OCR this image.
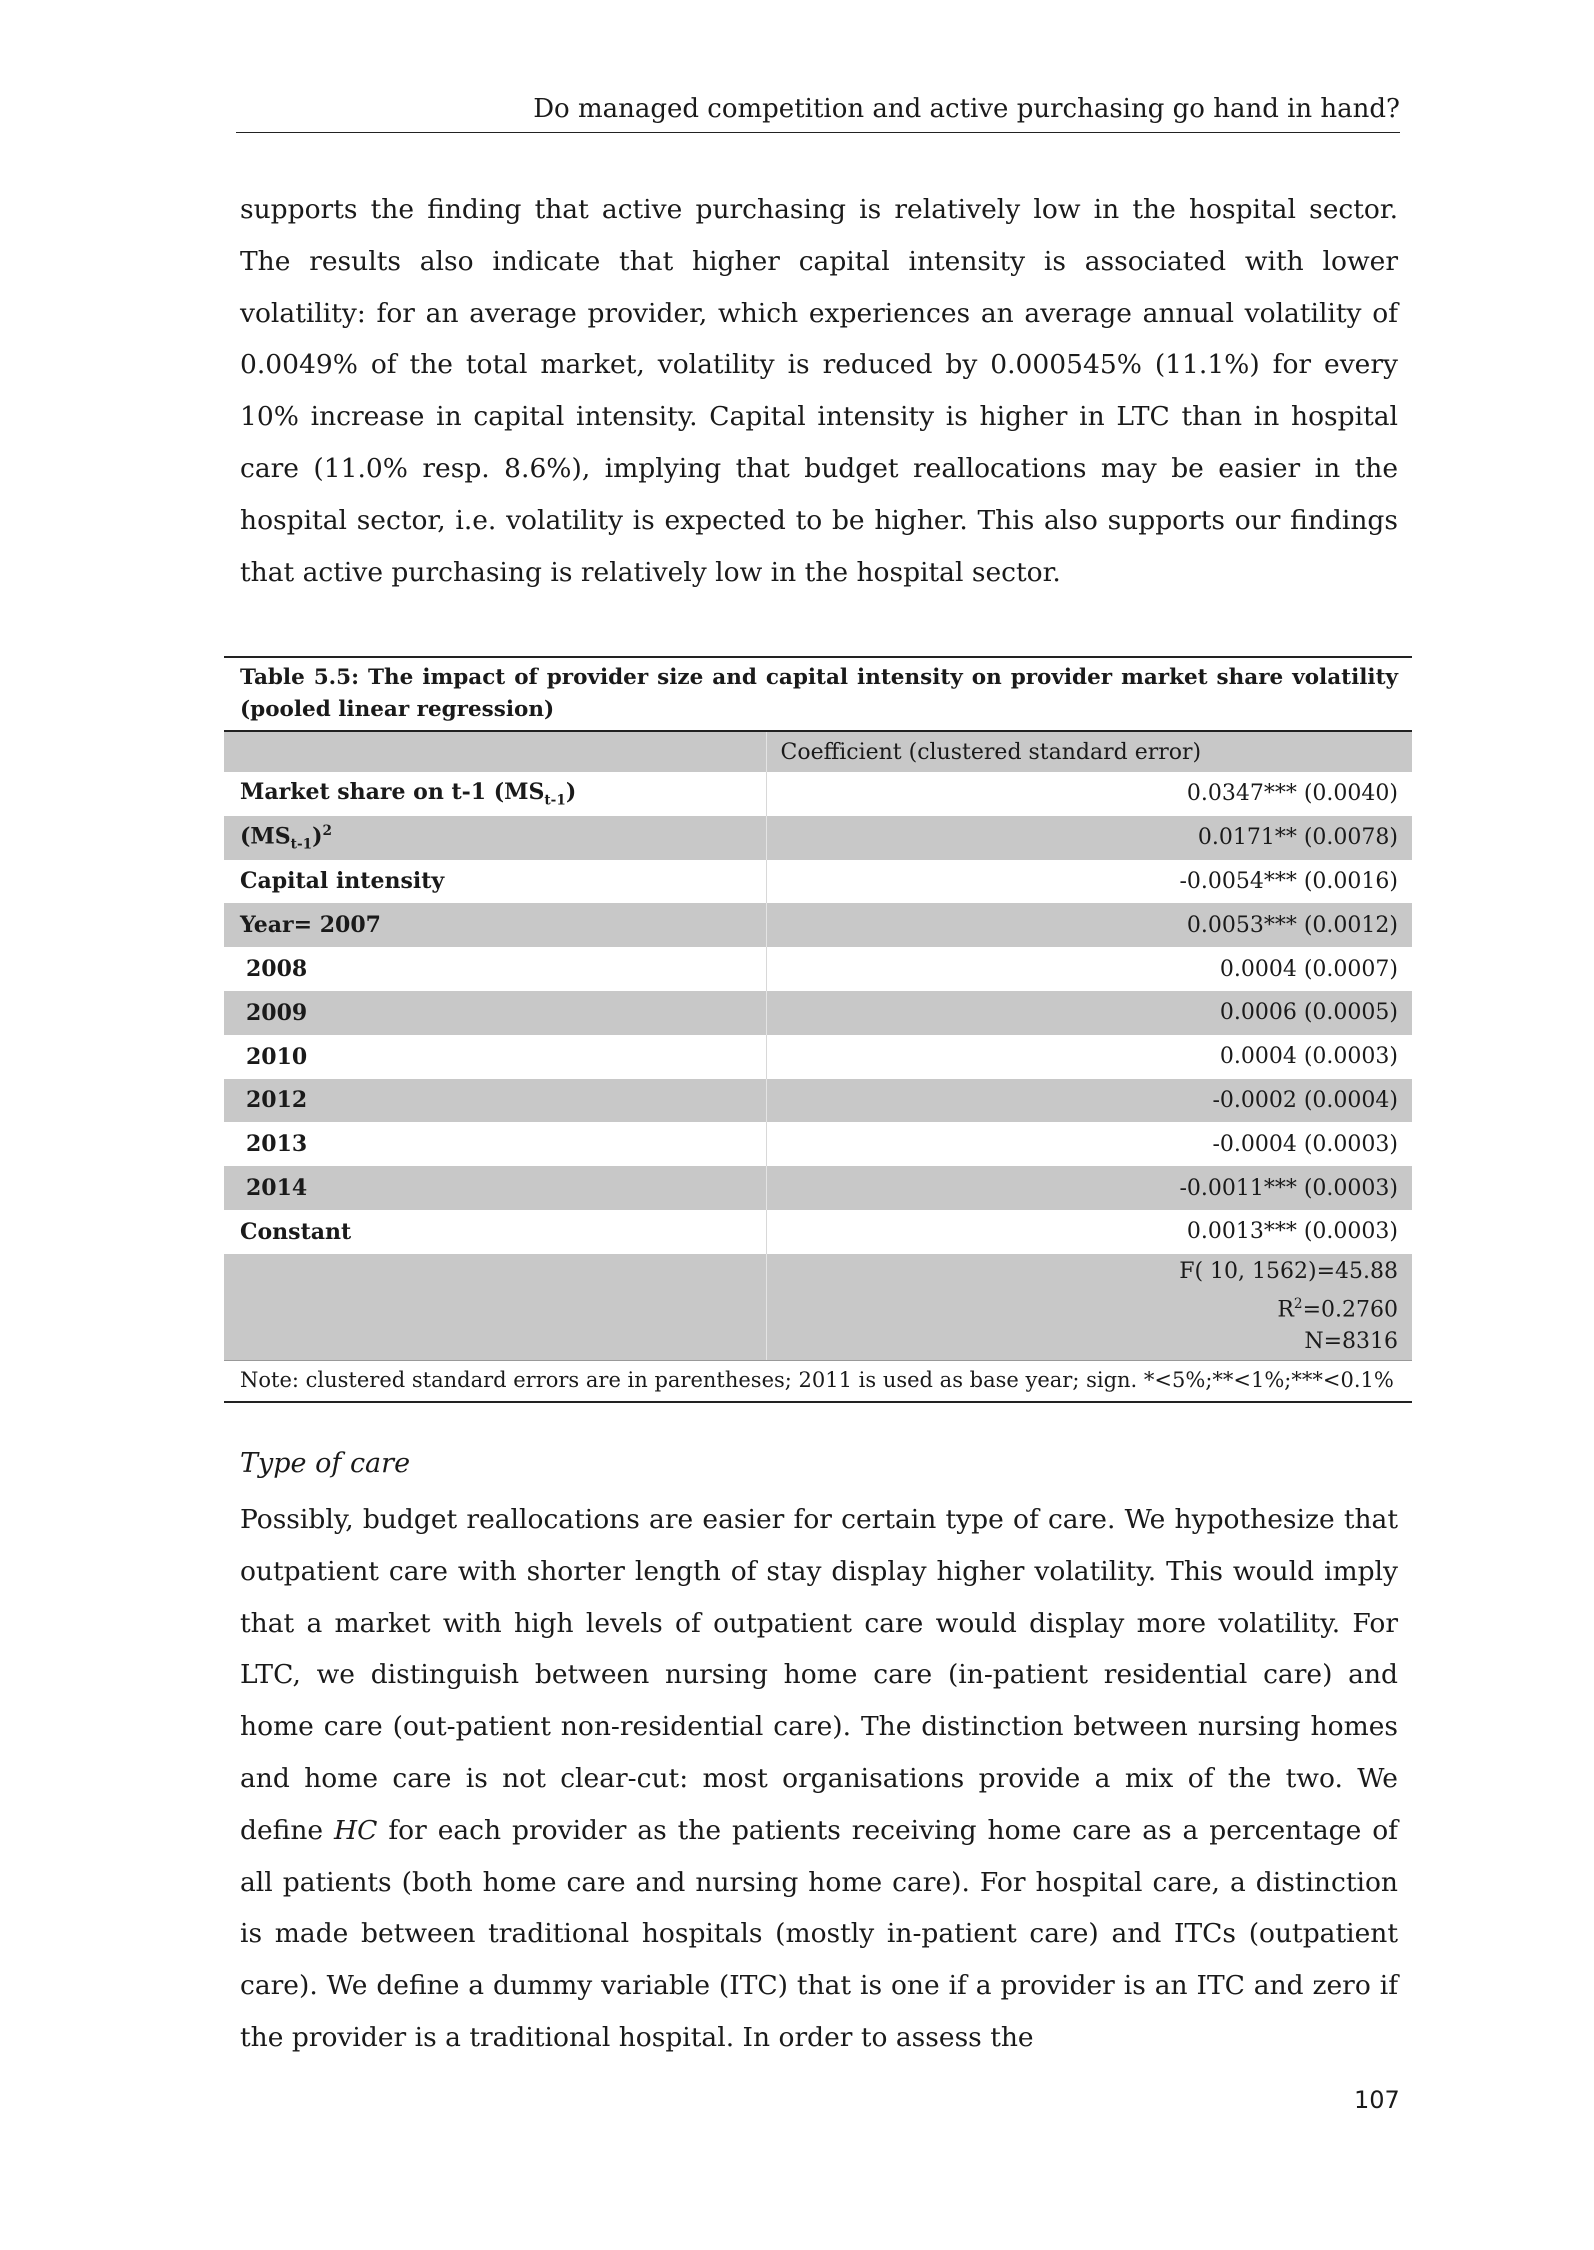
Do managed competition and active purchasing go hand in hand?

supports the finding that active purchasing is relatively low in the hospital sector. The results also indicate that higher capital intensity is associated with lower volatility: for an average provider, which experiences an average annual volatility of 0.0049% of the total market, volatility is reduced by 0.000545% (11.1%) for every 10% increase in capital intensity. Capital intensity is higher in LTC than in hospital care (11.0% resp. 8.6%), implying that budget reallocations may be easier in the hospital sector, i.e. volatility is expected to be higher. This also supports our findings that active purchasing is relatively low in the hospital sector.

Table 5.5: The impact of provider size and capital intensity on provider market share volatility (pooled linear regression)
	Coefficient (clustered standard error)
Market share on t-1 $(MS_{t-1})$	0.0347*** (0.0040)
$(MS_{t-1})^2$	0.0171** (0.0078)
Capital intensity	-0.0054*** (0.0016)
Year= 2007	0.0053*** (0.0012)
2008	0.0004 (0.0007)
2009	0.0006 (0.0005)
2010	0.0004 (0.0003)
2012	-0.0002 (0.0004)
2013	-0.0004 (0.0003)
2014	-0.0011*** (0.0003)
Constant	0.0013*** (0.0003)

	F( 10, 1562)=45.88
$R^2=0.2760$
N=8316
Note: clustered standard errors are in parentheses; 2011 is used as base year; sign. *<5%;**<1%;***<0.1%
Type of care

Possibly, budget reallocations are easier for certain type of care. We hypothesize that outpatient care with shorter length of stay display higher volatility. This would imply that a market with high levels of outpatient care would display more volatility. For LTC, we distinguish between nursing home care (in-patient residential care) and home care (out-patient non-residential care). The distinction between nursing homes and home care is not clear-cut: most organisations provide a mix of the two. We define HC for each provider as the patients receiving home care as a percentage of all patients (both home care and nursing home care). For hospital care, a distinction is made between traditional hospitals (mostly in-patient care) and ITCs (outpatient care). We define a dummy variable (ITC) that is one if a provider is an ITC and zero if the provider is a traditional hospital. In order to assess the

107
